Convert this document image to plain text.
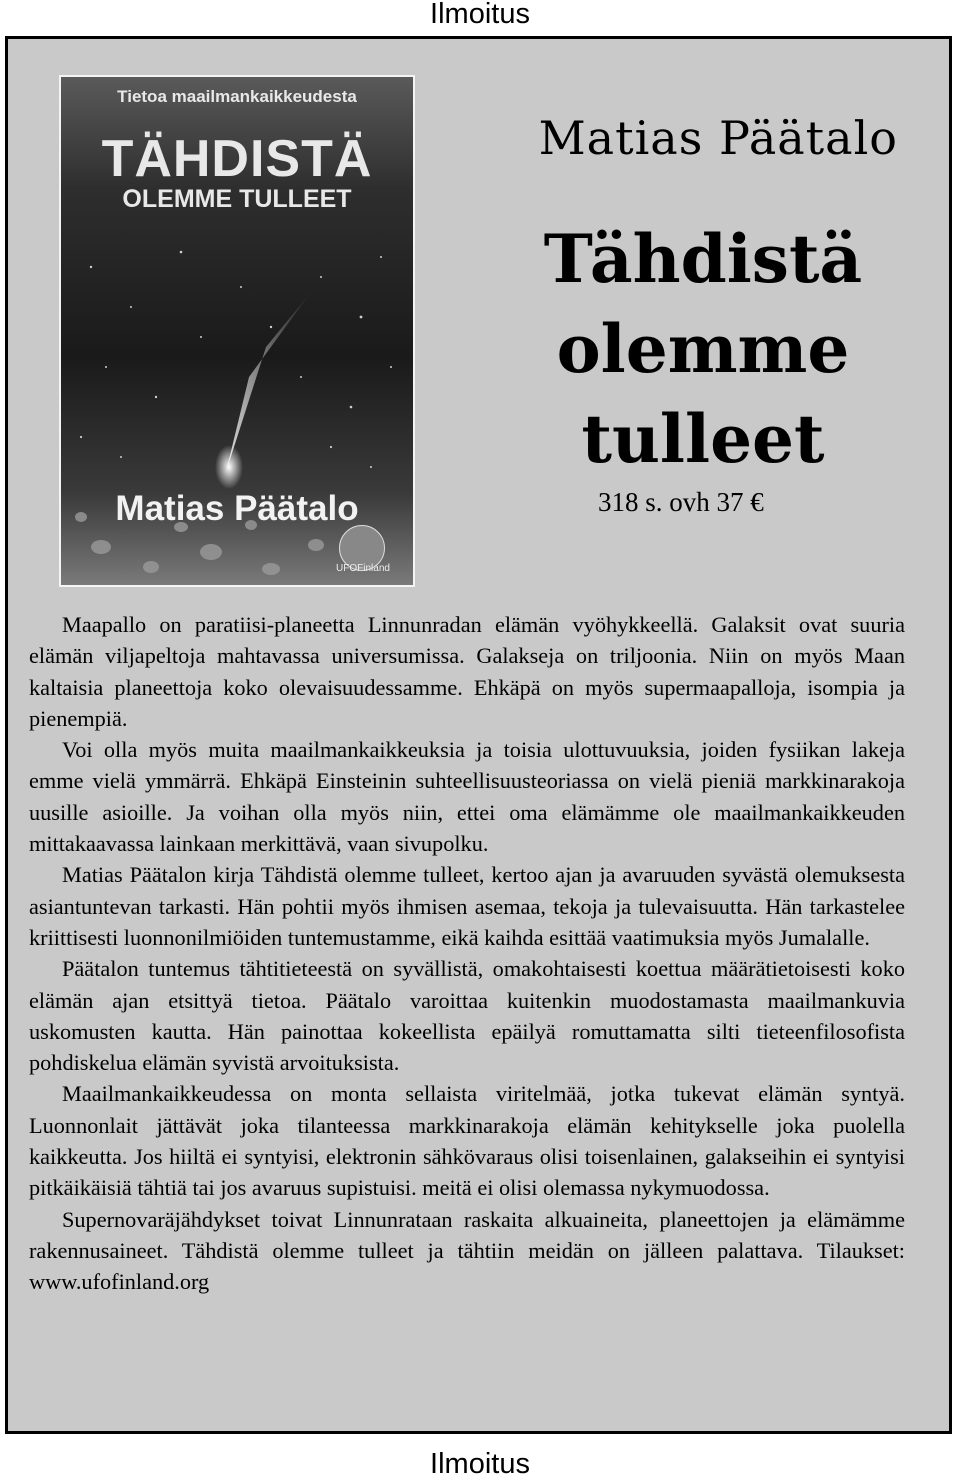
Ilmoitus
Tietoa maailmankaikkeudesta
TÄHDISTÄ
OLEMME TULLEET
Matias Päätalo
UFOFinland
Matias Päätalo
Tähdistä
olemme
tulleet
318 s. ovh 37 €

Maapallo on paratiisi-planeetta Linnunradan elämän vyöhykkeellä. Galaksit ovat suuria elämän viljapeltoja mahtavassa universumissa. Galakseja on triljoonia. Niin on myös Maan kaltaisia planeettoja koko olevaisuudessamme. Ehkäpä on myös supermaapalloja, isompia ja pienempiä.

Voi olla myös muita maailmankaikkeuksia ja toisia ulottuvuuksia, joiden fysiikan lakeja emme vielä ymmärrä. Ehkäpä Einsteinin suhteellisuusteoriassa on vielä pieniä markkinarakoja uusille asioille. Ja voihan olla myös niin, ettei oma elämämme ole maailmankaikkeuden mittakaavassa lainkaan merkittävä, vaan sivupolku.

Matias Päätalon kirja Tähdistä olemme tulleet, kertoo ajan ja avaruuden syvästä olemuksesta asiantuntevan tarkasti. Hän pohtii myös ihmisen asemaa, tekoja ja tulevaisuutta. Hän tarkastelee kriittisesti luonnonilmiöiden tuntemustamme, eikä kaihda esittää vaatimuksia myös Jumalalle.

Päätalon tuntemus tähtitieteestä on syvällistä, omakohtaisesti koettua määrätietoisesti koko elämän ajan etsittyä tietoa. Päätalo varoittaa kuitenkin muodostamasta maailmankuvia uskomusten kautta. Hän painottaa kokeellista epäilyä romuttamatta silti tieteenfilosofista pohdiskelua elämän syvistä arvoituksista.

Maailmankaikkeudessa on monta sellaista viritelmää, jotka tukevat elämän syntyä. Luonnonlait jättävät joka tilanteessa markkinarakoja elämän kehitykselle joka puolella kaikkeutta. Jos hiiltä ei syntyisi, elektronin sähkövaraus olisi toisenlainen, galakseihin ei syntyisi pitkäikäisiä tähtiä tai jos avaruus supistuisi. meitä ei olisi olemassa nykymuodossa.

Supernovaräjähdykset toivat Linnunrataan raskaita alkuaineita, planeettojen ja elämämme rakennusaineet. Tähdistä olemme tulleet ja tähtiin meidän on jälleen palattava. Tilaukset: www.ufofinland.org

Ilmoitus
